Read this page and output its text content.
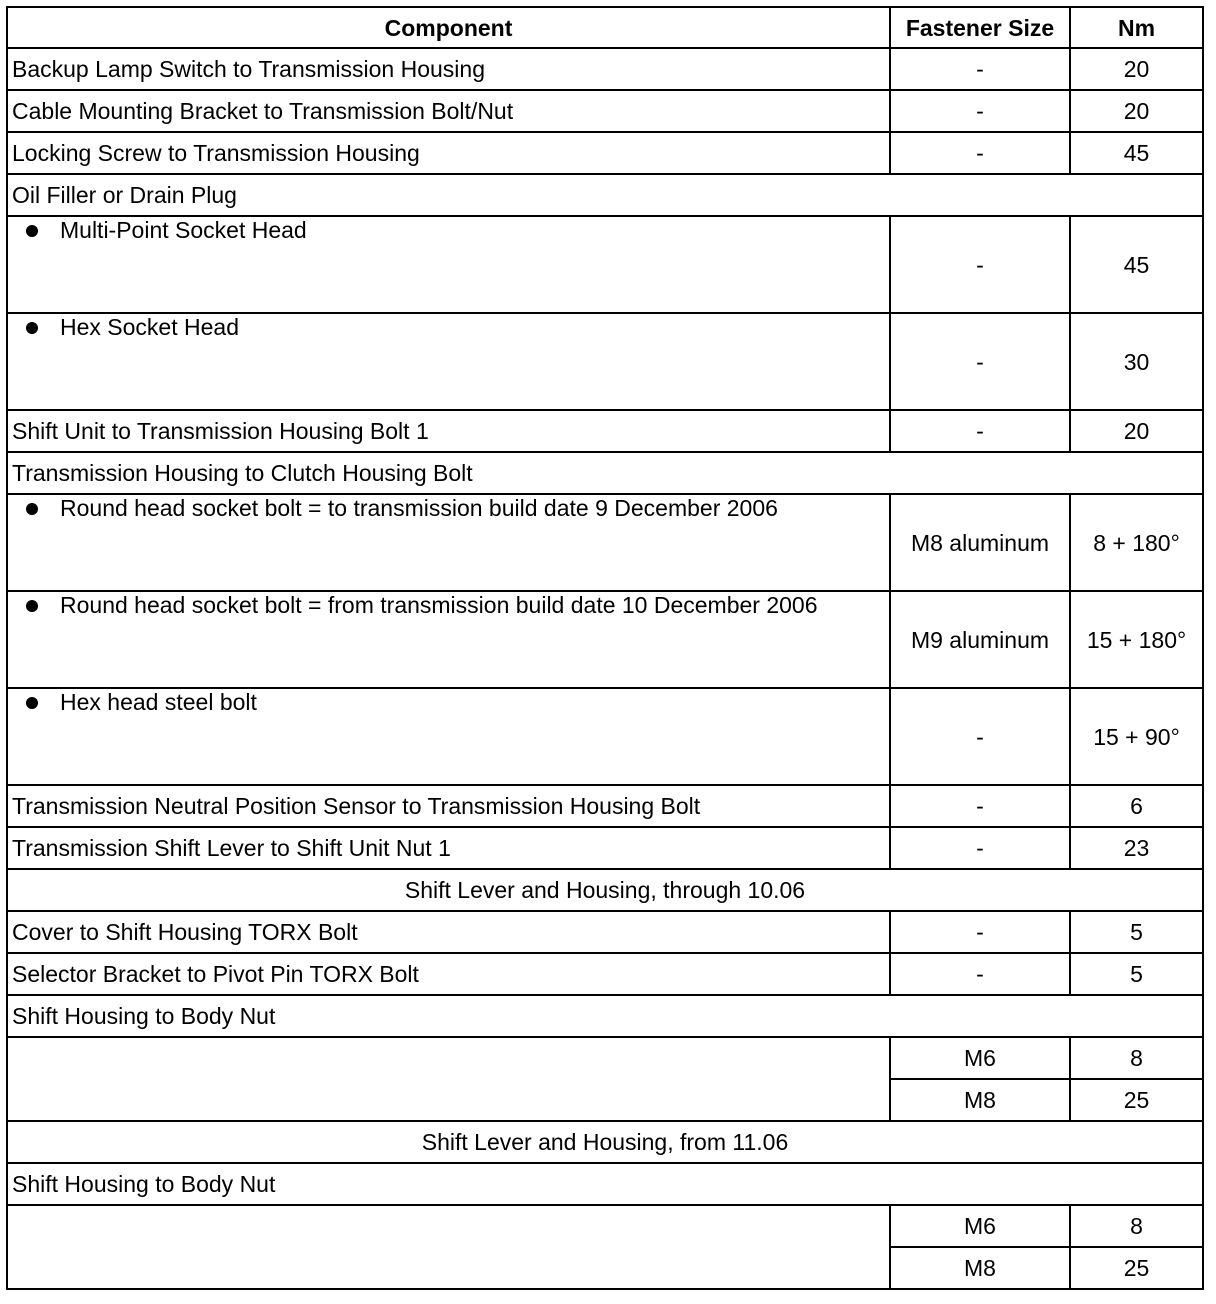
Component	Fastener Size	Nm
Backup Lamp Switch to Transmission Housing	-	20
Cable Mounting Bracket to Transmission Bolt/Nut	-	20
Locking Screw to Transmission Housing	-	45
Oil Filler or Drain Plug		

Multi-Point Socket Head	-	45

Hex Socket Head	-	30
Shift Unit to Transmission Housing Bolt 1	-	20
Transmission Housing to Clutch Housing Bolt		

Round head socket bolt = to transmission build date 9 December 2006	M8 aluminum	8 + 180°

Round head socket bolt = from transmission build date 10 December 2006	M9 aluminum	15 + 180°

Hex head steel bolt	-	15 + 90°
Transmission Neutral Position Sensor to Transmission Housing Bolt	-	6
Transmission Shift Lever to Shift Unit Nut 1	-	23
Shift Lever and Housing, through 10.06		
Cover to Shift Housing TORX Bolt	-	5
Selector Bracket to Pivot Pin TORX Bolt	-	5
Shift Housing to Body Nut		
	M6	8
	M8	25
Shift Lever and Housing, from 11.06		
Shift Housing to Body Nut		
	M6	8
	M8	25
